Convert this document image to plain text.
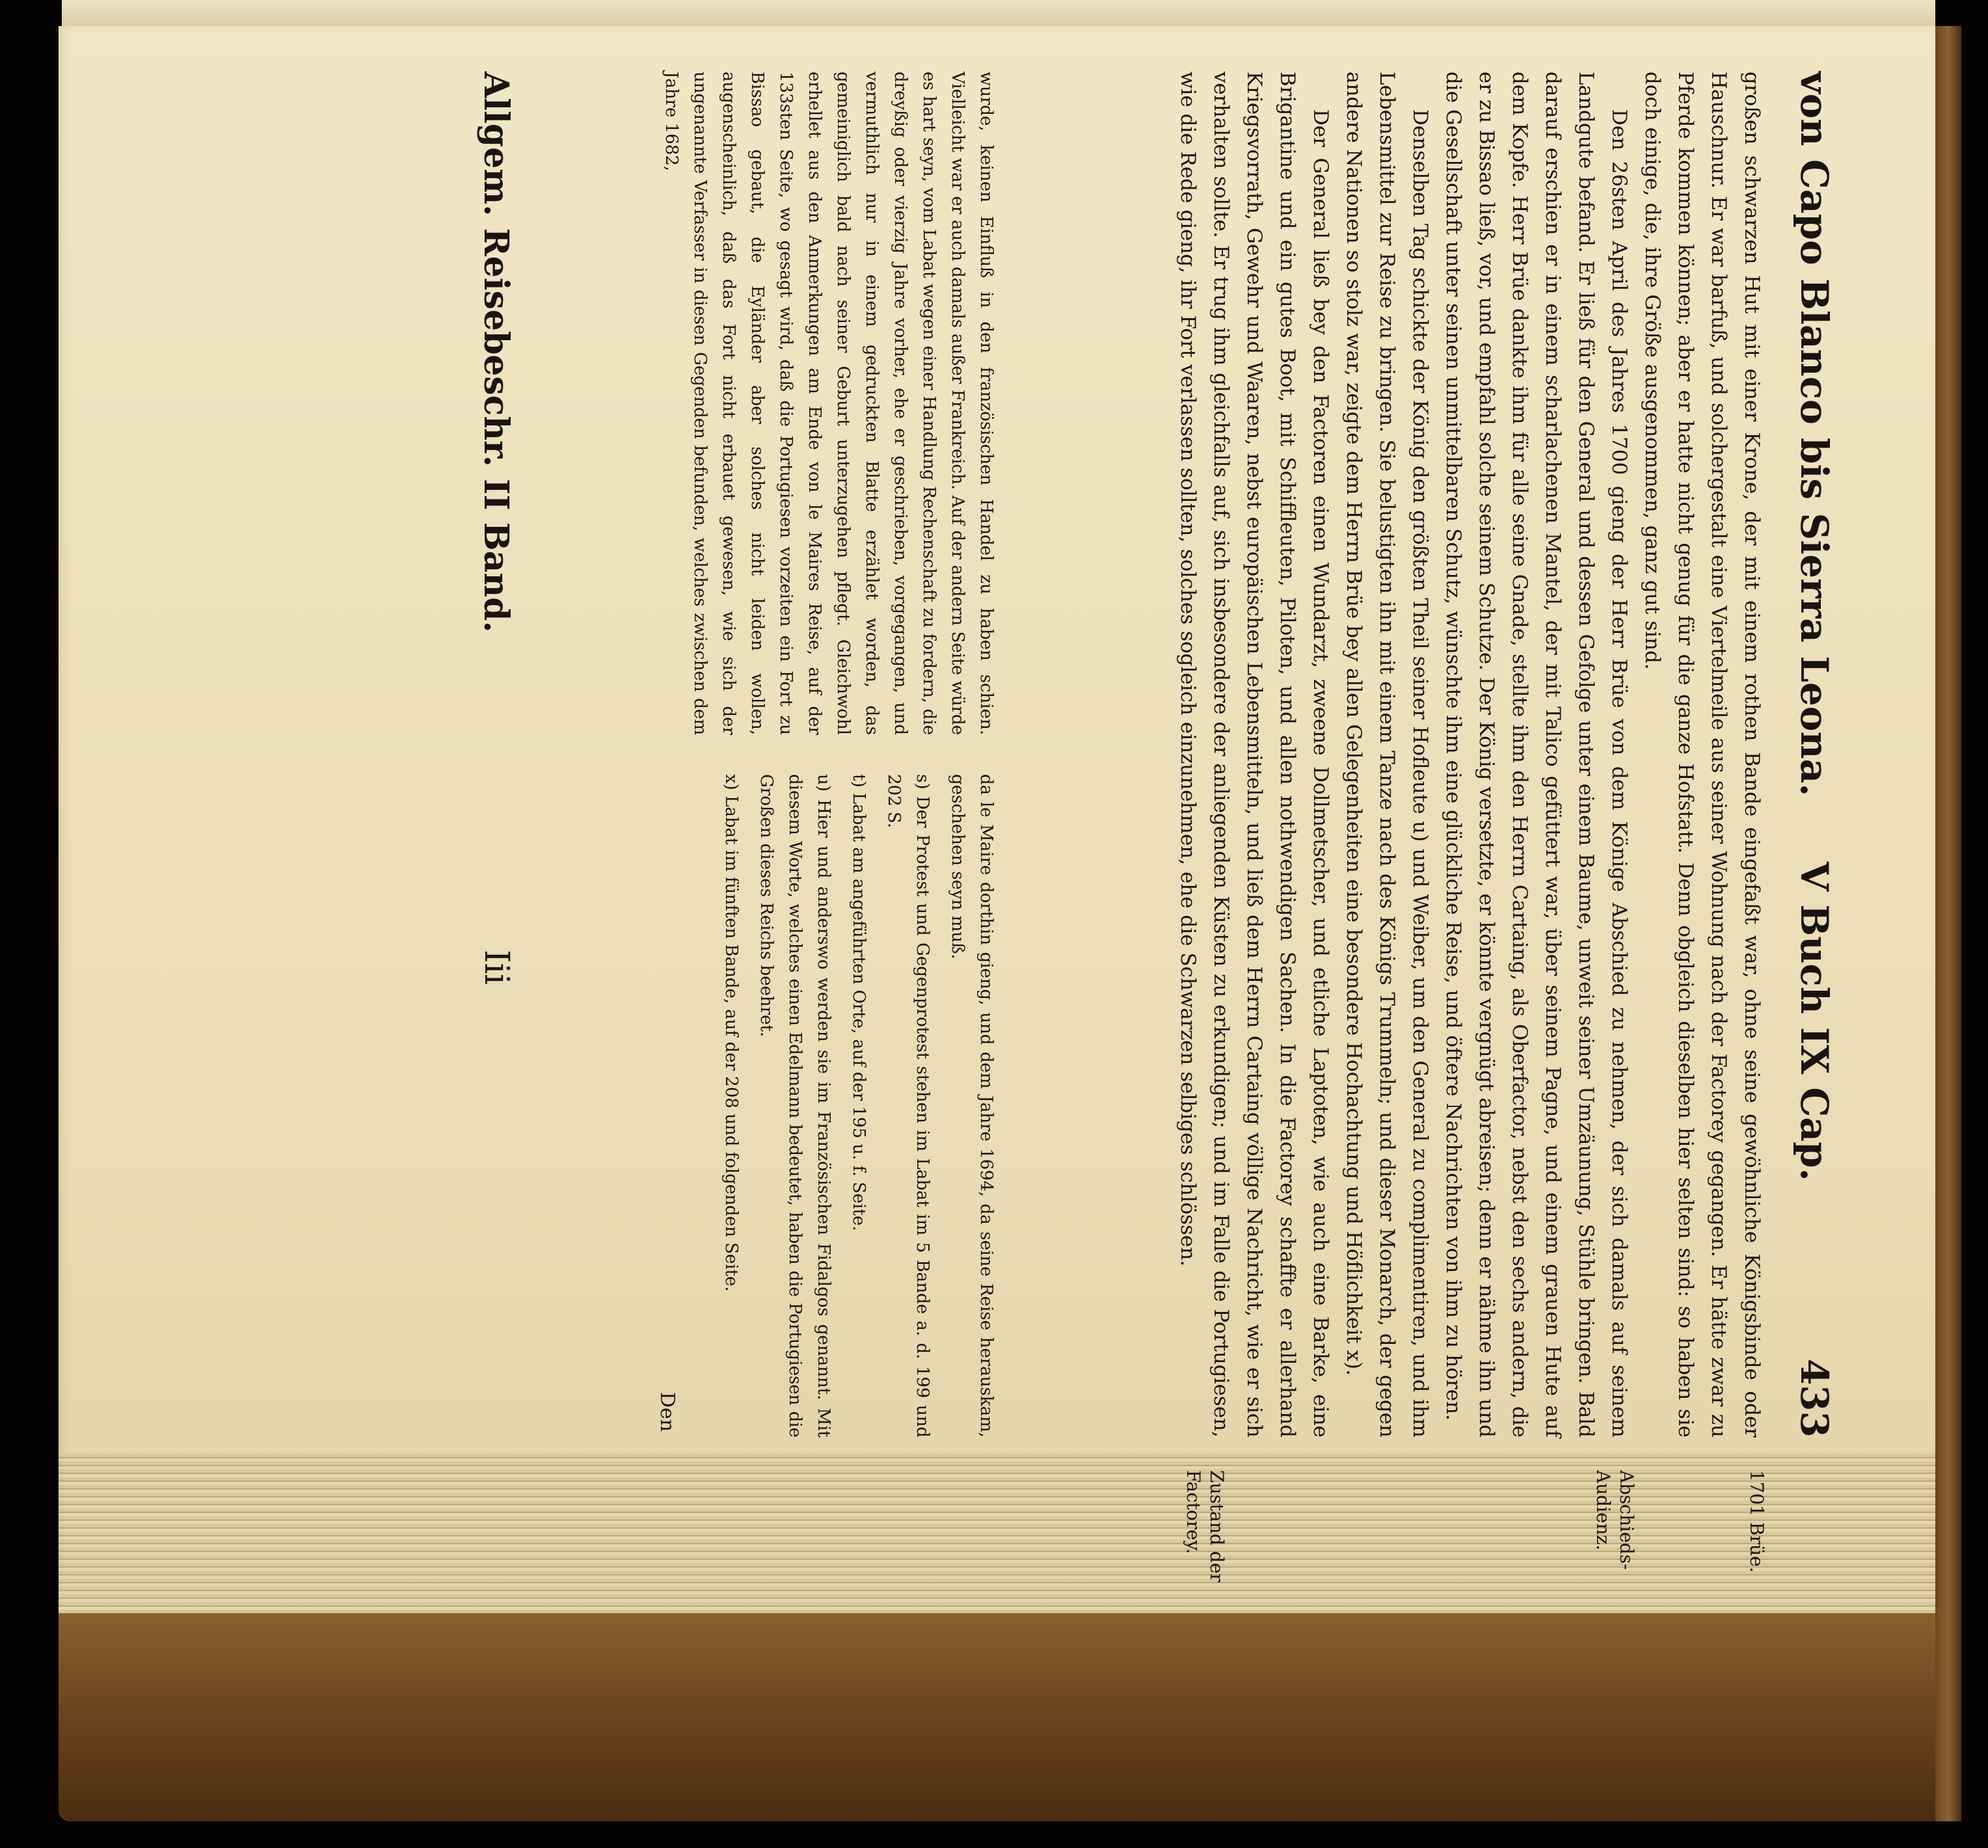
von Capo Blanco bis Sierra Leona.
V Buch IX Cap.
433
1701 Brüe.
Abschieds-Audienz.
Zustand der Factorey.

großen schwarzen Hut mit einer Krone, der mit einem rothen Bande eingefaßt war, ohne seine gewöhnliche Königsbinde oder Hauschnur. Er war barfuß, und solchergestalt eine Viertelmeile aus seiner Wohnung nach der Factorey gegangen. Er hätte zwar zu Pferde kommen können; aber er hatte nicht genug für die ganze Hofstatt. Denn obgleich dieselben hier selten sind: so haben sie doch einige, die, ihre Größe ausgenommen, ganz gut sind.

Den 26sten April des Jahres 1700 gieng der Herr Brüe von dem Könige Abschied zu nehmen, der sich damals auf seinem Landgute befand. Er ließ für den General und dessen Gefolge unter einem Baume, unweit seiner Umzäunung, Stühle bringen. Bald darauf erschien er in einem scharlachenen Mantel, der mit Talico gefüttert war, über seinem Pagne, und einem grauen Hute auf dem Kopfe. Herr Brüe dankte ihm für alle seine Gnade, stellte ihm den Herrn Cartaing, als Oberfactor, nebst den sechs andern, die er zu Bissao ließ, vor, und empfahl solche seinem Schutze. Der König versetzte, er könnte vergnügt abreisen; denn er nähme ihn und die Gesellschaft unter seinen unmittelbaren Schutz, wünschte ihm eine glückliche Reise, und öftere Nachrichten von ihm zu hören.

Denselben Tag schickte der König den größten Theil seiner Hofleute u) und Weiber, um den General zu complimentiren, und ihm Lebensmittel zur Reise zu bringen. Sie belustigten ihn mit einem Tanze nach des Königs Trummeln; und dieser Monarch, der gegen andere Nationen so stolz war, zeigte dem Herrn Brüe bey allen Gelegenheiten eine besondere Hochachtung und Höflichkeit x).

Der General ließ bey den Factoren einen Wundarzt, zweene Dollmetscher, und etliche Laptoten, wie auch eine Barke, eine Brigantine und ein gutes Boot, mit Schiffleuten, Piloten, und allen nothwendigen Sachen. In die Factorey schaffte er allerhand Kriegsvorrath, Gewehr und Waaren, nebst europäischen Lebensmitteln, und ließ dem Herrn Cartaing völlige Nachricht, wie er sich verhalten sollte. Er trug ihm gleichfalls auf, sich insbesondere der anliegenden Küsten zu erkundigen; und im Falle die Portugiesen, wie die Rede gieng, ihr Fort verlassen sollten, solches sogleich einzunehmen, ehe die Schwarzen selbiges schlössen.

wurde, keinen Einfluß in den französischen Handel zu haben schien. Vielleicht war er auch damals außer Frankreich. Auf der andern Seite würde es hart seyn, vom Labat wegen einer Handlung Rechenschaft zu fordern, die dreyßig oder vierzig Jahre vorher, ehe er geschrieben, vorgegangen, und vermuthlich nur in einem gedruckten Blatte erzählet worden, das gemeiniglich bald nach seiner Geburt unterzugehen pflegt. Gleichwohl erhellet aus den Anmerkungen am Ende von le Maires Reise, auf der 133sten Seite, wo gesagt wird, daß die Portugiesen vorzeiten ein Fort zu Bissao gebaut, die Eyländer aber solches nicht leiden wollen, augenscheinlich, daß das Fort nicht erbauet gewesen, wie sich der ungenannte Verfasser in diesen Gegenden befunden, welches zwischen dem Jahre 1682,

da le Maire dorthin gieng, und dem Jahre 1694, da seine Reise herauskam, geschehen seyn muß.

s) Der Protest und Gegenprotest stehen im Labat im 5 Bande a. d. 199 und 202 S.

t) Labat am angeführten Orte, auf der 195 u. f. Seite.

u) Hier und anderswo werden sie im Französischen Fidalgos genannt. Mit diesem Worte, welches einen Edelmann bedeutet, haben die Portugiesen die Großen dieses Reichs beehret.

x) Labat im fünften Bande, auf der 208 und folgenden Seite.

Den
Allgem. Reisebeschr. II Band.
Iii
